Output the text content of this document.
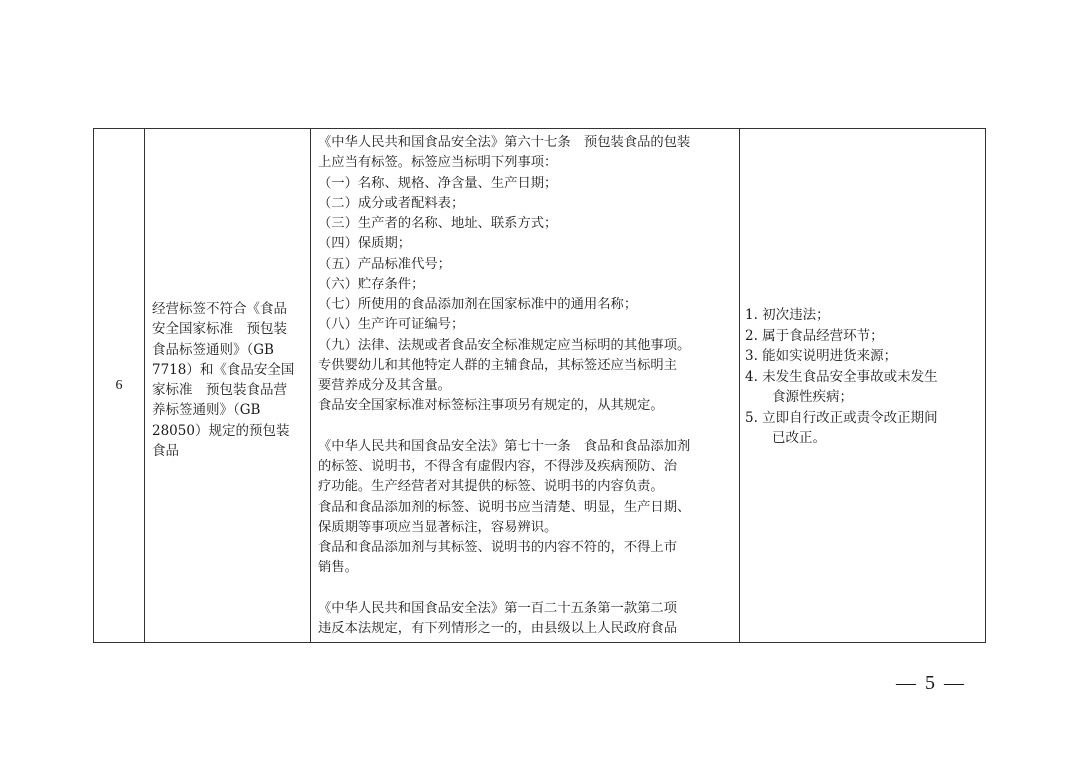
6
经营标签不符合《食品
安全国家标准　预包装
食品标签通则》（GB
7718）和《食品安全国
家标准　预包装食品营
养标签通则》（GB
28050）规定的预包装
食品
《中华人民共和国食品安全法》第六十七条　预包装食品的包装
上应当有标签。标签应当标明下列事项：
（一）名称、规格、净含量、生产日期；
（二）成分或者配料表；
（三）生产者的名称、地址、联系方式；
（四）保质期；
（五）产品标准代号；
（六）贮存条件；
（七）所使用的食品添加剂在国家标准中的通用名称；
（八）生产许可证编号；
（九）法律、法规或者食品安全标准规定应当标明的其他事项。
专供婴幼儿和其他特定人群的主辅食品，其标签还应当标明主
要营养成分及其含量。
食品安全国家标准对标签标注事项另有规定的，从其规定。
《中华人民共和国食品安全法》第七十一条　食品和食品添加剂
的标签、说明书，不得含有虚假内容，不得涉及疾病预防、治
疗功能。生产经营者对其提供的标签、说明书的内容负责。
食品和食品添加剂的标签、说明书应当清楚、明显，生产日期、
保质期等事项应当显著标注，容易辨识。
食品和食品添加剂与其标签、说明书的内容不符的，不得上市
销售。
《中华人民共和国食品安全法》第一百二十五条第一款第二项
违反本法规定，有下列情形之一的，由县级以上人民政府食品
1. 初次违法；
2. 属于食品经营环节；
3. 能如实说明进货来源；
4. 未发生食品安全事故或未发生
　　食源性疾病；
5. 立即自行改正或责令改正期间
　　已改正。
— 5 —
